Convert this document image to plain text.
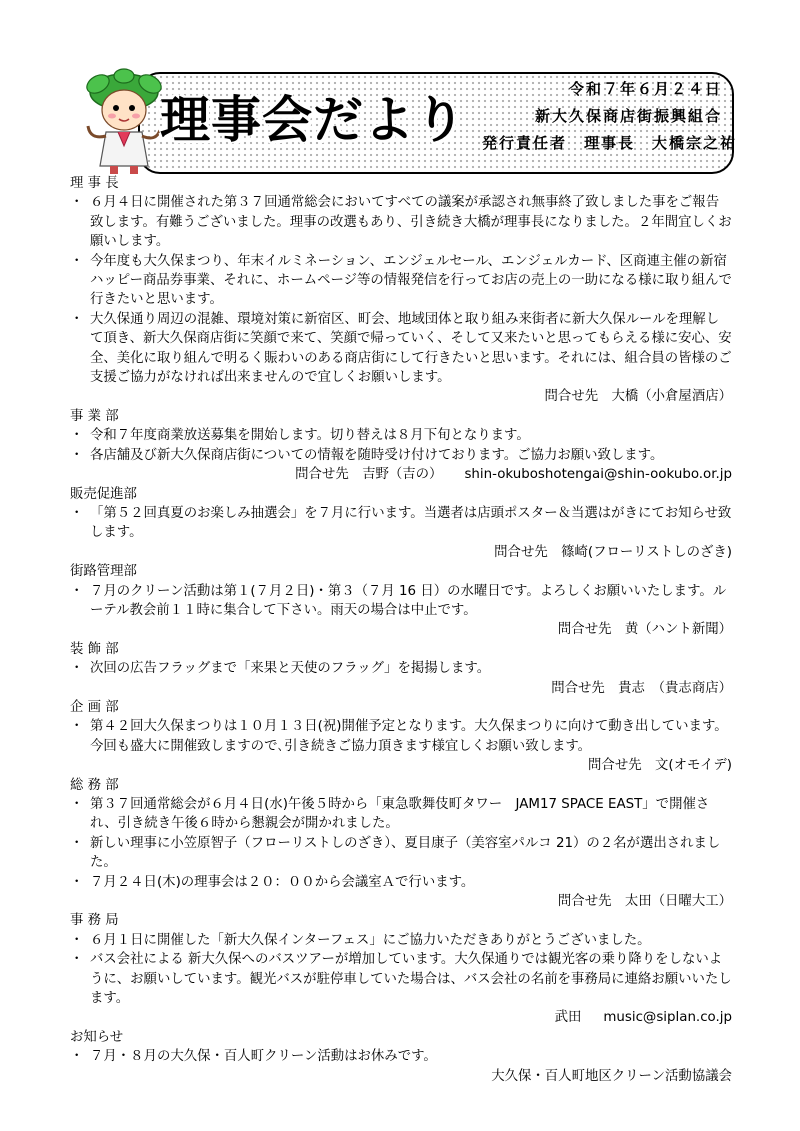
理事会だより
令和７年６月２４日
新大久保商店街振興組合
発行責任者　理事長　大橋宗之祐
理 事 長
・ ６月４日に開催された第３７回通常総会においてすべての議案が承認され無事終了致しました事をご報告致します。有難うございました。理事の改選もあり、引き続き大橋が理事長になりました。２年間宜しくお願いします。
・ 今年度も大久保まつり、年末イルミネーション、エンジェルセール、エンジェルカード、区商連主催の新宿ハッピー商品券事業、それに、ホームページ等の情報発信を行ってお店の売上の一助になる様に取り組んで行きたいと思います。
・ 大久保通り周辺の混雑、環境対策に新宿区、町会、地域団体と取り組み来街者に新大久保ルールを理解して頂き、新大久保商店街に笑顔で来て、笑顔で帰っていく、そして又来たいと思ってもらえる様に安心、安全、美化に取り組んで明るく賑わいのある商店街にして行きたいと思います。それには、組合員の皆様のご支援ご協力がなければ出来ませんので宜しくお願いします。
問合せ先　大橋（小倉屋酒店）
事 業 部
・ 令和７年度商業放送募集を開始します。切り替えは８月下旬となります。
・ 各店舗及び新大久保商店街についての情報を随時受け付けております。ご協力お願い致します。
問合せ先　吉野（吉の） shin-okuboshotengai@shin-ookubo.or.jp
販売促進部
・ 「第５２回真夏のお楽しみ抽選会」を７月に行います。当選者は店頭ポスター＆当選はがきにてお知らせ致します。
問合せ先　篠崎(フローリストしのざき)
街路管理部
・ ７月のクリーン活動は第１(７月２日)・第３（７月 16 日）の水曜日です。よろしくお願いいたします。ルーテル教会前１１時に集合して下さい。雨天の場合は中止です。
問合せ先　黄（ハント新聞）
装 飾 部
・ 次回の広告フラッグまで「来果と天使のフラッグ」を掲揚します。
問合せ先　貴志　（貴志商店）
企 画 部
・ 第４２回大久保まつりは１０月１３日(祝)開催予定となります。大久保まつりに向けて動き出しています。今回も盛大に開催致しますので､引き続きご協力頂きます様宜しくお願い致します。
問合せ先　文(オモイデ)
総 務 部
・ 第３７回通常総会が６月４日(水)午後５時から「東急歌舞伎町タワー　JAM17 SPACE EAST」で開催され、引き続き午後６時から懇親会が開かれました。
・ 新しい理事に小笠原智子（フローリストしのざき）、夏目康子（美容室パルコ 21）の２名が選出されました。
・ ７月２４日(木)の理事会は２０：００から会議室Ａで行います。
問合せ先　太田（日曜大工）
事 務 局
・ ６月１日に開催した「新大久保インターフェス」にご協力いただきありがとうございました。
・ バス会社による 新大久保へのバスツアーが増加しています。大久保通りでは観光客の乗り降りをしないように、お願いしています。観光バスが駐停車していた場合は、バス会社の名前を事務局に連絡お願いいたします。
武田 music@siplan.co.jp
お知らせ
・ ７月・８月の大久保・百人町クリーン活動はお休みです。
大久保・百人町地区クリーン活動協議会
